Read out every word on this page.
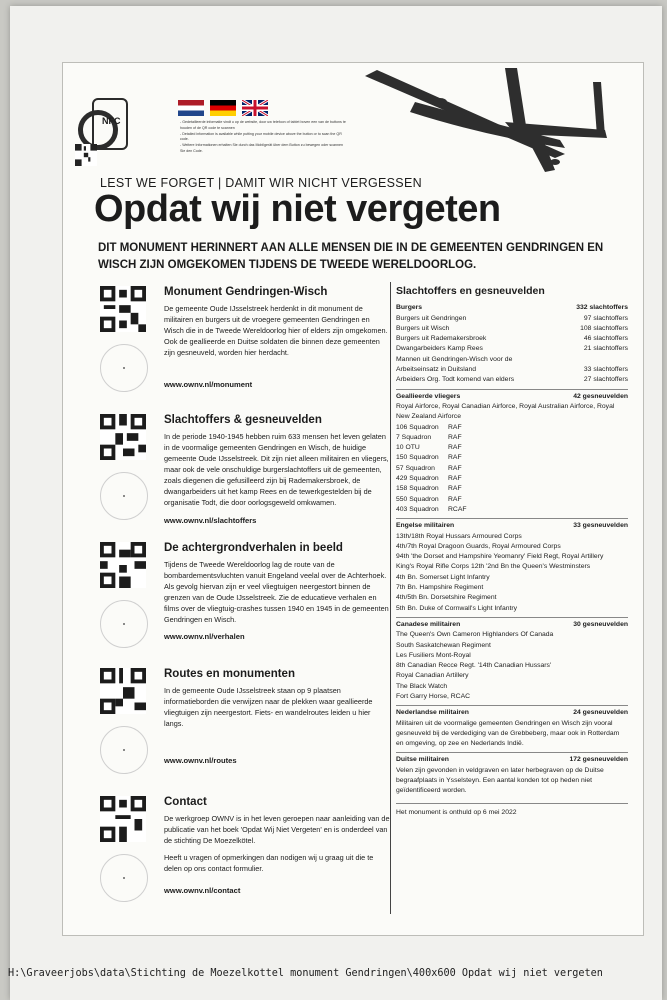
NFC	- Gedetailleerde informatie vindt u op de website, door uw telefoon of tablet boven een van de buttons te houden of de QR code te scannen
- Detailed information is available while putting your mobile device above the button or to scan the QR code.
- Weitere Informationen erhalten Sie durch das Mobilgerät über dem Button zu bewegen oder scannen Sie den Code.
LEST WE FORGET | DAMIT WIR NICHT VERGESSEN
Opdat wij niet vergeten
DIT MONUMENT HERINNERT AAN ALLE MENSEN DIE IN DE GEMEENTEN GENDRINGEN EN WISCH ZIJN OMGEKOMEN TIJDENS DE TWEEDE WERELDOORLOG.
Monument Gendringen-Wisch

De gemeente Oude IJsselstreek herdenkt in dit monument de militairen en burgers uit de vroegere gemeenten Gendringen en Wisch die in de Tweede Wereldoorlog hier of elders zijn omgekomen. Ook de geallieerde en Duitse soldaten die binnen deze gemeenten zijn gesneuveld, worden hier herdacht.

www.ownv.nl/monument
Slachtoffers & gesneuvelden

In de periode 1940-1945 hebben ruim 633 mensen het leven gelaten in de voormalige gemeenten Gendringen en Wisch, de huidige gemeente Oude IJsselstreek. Dit zijn niet alleen militairen en vliegers, maar ook de vele onschuldige burgerslachtoffers uit de gemeenten, zoals diegenen die gefusilleerd zijn bij Rademakersbroek, de dwangarbeiders uit het kamp Rees en de tewerkgestelden bij de organisatie Todt, die door oorlogsgeweld omkwamen.

www.ownv.nl/slachtoffers
De achtergrondverhalen in beeld

Tijdens de Tweede Wereldoorlog lag de route van de bombardementsvluchten vanuit Engeland veelal over de Achterhoek. Als gevolg hiervan zijn er veel vliegtuigen neergestort binnen de grenzen van de Oude IJsselstreek. Zie de educatieve verhalen en films over de vliegtuig-crashes tussen 1940 en 1945 in de gemeenten Gendringen en Wisch.

www.ownv.nl/verhalen
Routes en monumenten

In de gemeente Oude IJsselstreek staan op 9 plaatsen informatieborden die verwijzen naar de plekken waar geallieerde vliegtuigen zijn neergestort. Fiets- en wandelroutes leiden u hier langs.

www.ownv.nl/routes
Contact

De werkgroep OWNV is in het leven geroepen naar aanleiding van de publicatie van het boek 'Opdat Wij Niet Vergeten' en is onderdeel van de stichting De Moezelkötel.

Heeft u vragen of opmerkingen dan nodigen wij u graag uit die te delen op ons contact formulier.

www.ownv.nl/contact
Slachtoffers en gesneuvelden
Burgers	332 slachtoffers
Burgers uit Gendringen	97 slachtoffers
Burgers uit Wisch	108 slachtoffers
Burgers uit Rademakersbroek	46 slachtoffers
Dwangarbeiders Kamp Rees	21 slachtoffers
Mannen uit Gendringen-Wisch voor de Arbeitseinsatz in Duitsland	33 slachtoffers
Arbeiders Org. Todt komend van elders	27 slachtoffers
Geallieerde vliegers	42 gesneuvelden
Royal Airforce, Royal Canadian Airforce, Royal Australian Airforce, Royal New Zealand Airforce
106 Squadron	RAF
7 Squadron	RAF
10 OTU	RAF
150 Squadron	RAF
57 Squadron	RAF
429 Squadron	RAF
158 Squadron	RAF
550 Squadron	RAF
403 Squadron	RCAF
Engelse militairen	33 gesneuvelden
13th/18th Royal Hussars Armoured Corps
4th/7th Royal Dragoon Guards, Royal Armoured Corps
94th 'the Dorset and Hampshire Yeomanry' Field Regt, Royal Artillery
King's Royal Rifle Corps 12th '2nd Bn the Queen's Westminsters
4th Bn. Somerset Light Infantry
7th Bn. Hampshire Regiment
4th/5th Bn. Dorsetshire Regiment
5th Bn. Duke of Cornwall's Light Infantry
Canadese militairen	30 gesneuvelden
The Queen's Own Cameron Highlanders Of Canada
South Saskatchewan Regiment
Les Fusiliers Mont-Royal
8th Canadian Recce Regt. '14th Canadian Hussars'
Royal Canadian Artillery
The Black Watch
Fort Garry Horse, RCAC
Nederlandse militairen	24 gesneuvelden
Militairen uit de voormalige gemeenten Gendringen en Wisch zijn vooral gesneuveld bij de verdediging van de Grebbeberg, maar ook in Rotterdam en omgeving, op zee en Nederlands Indië.
Duitse militairen	172 gesneuvelden
Velen zijn gevonden in veldgraven en later herbegraven op de Duitse begraafplaats in Ysselsteyn. Een aantal konden tot op heden niet geïdentificeerd worden.
Het monument is onthuld op 6 mei 2022
H:\Graveerjobs\data\Stichting de Moezelkottel monument Gendringen\400x600 Opdat wij niet vergeten
